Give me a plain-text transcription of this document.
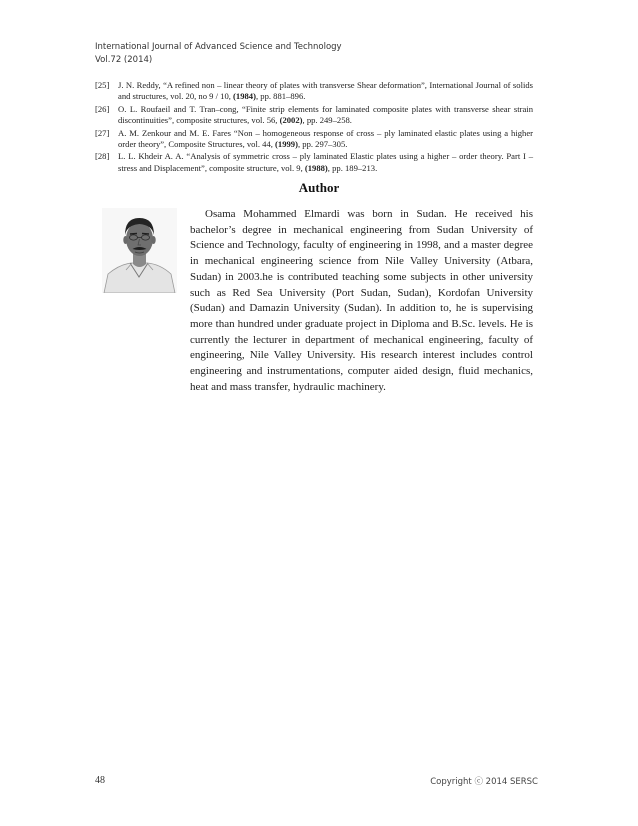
International Journal of Advanced Science and Technology
Vol.72 (2014)
[25]	J. N. Reddy, “A refined non – linear theory of plates with transverse Shear deformation”, International Journal of solids and structures, vol. 20, no 9 / 10, (1984), pp. 881–896.
[26]	O. L. Roufaeil and T. Tran–cong, “Finite strip elements for laminated composite plates with transverse shear strain discontinuities”, composite structures, vol. 56, (2002), pp. 249–258.
[27]	A. M. Zenkour and M. E. Fares “Non – homogeneous response of cross – ply laminated elastic plates using a higher order theory”, Composite Structures, vol. 44, (1999), pp. 297–305.
[28]	L. L. Khdeir A. A. “Analysis of symmetric cross – ply laminated Elastic plates using a higher – order theory. Part I – stress and Displacement”, composite structure, vol. 9, (1988), pp. 189–213.
Author

Osama Mohammed Elmardi was born in Sudan. He received his bachelor’s degree in mechanical engineering from Sudan University of Science and Technology, faculty of engineering in 1998, and a master degree in mechanical engineering science from Nile Valley University (Atbara, Sudan) in 2003.he is contributed teaching some subjects in other university such as Red Sea University (Port Sudan, Sudan), Kordofan University (Sudan) and Damazin University (Sudan). In addition to, he is supervising more than hundred under graduate project in Diploma and B.Sc. levels. He is currently the lecturer in department of mechanical engineering, faculty of engineering, Nile Valley University. His research interest includes control engineering and instrumentations, computer aided design, fluid mechanics, heat and mass transfer, hydraulic machinery.

48	Copyright ⓒ 2014 SERSC
